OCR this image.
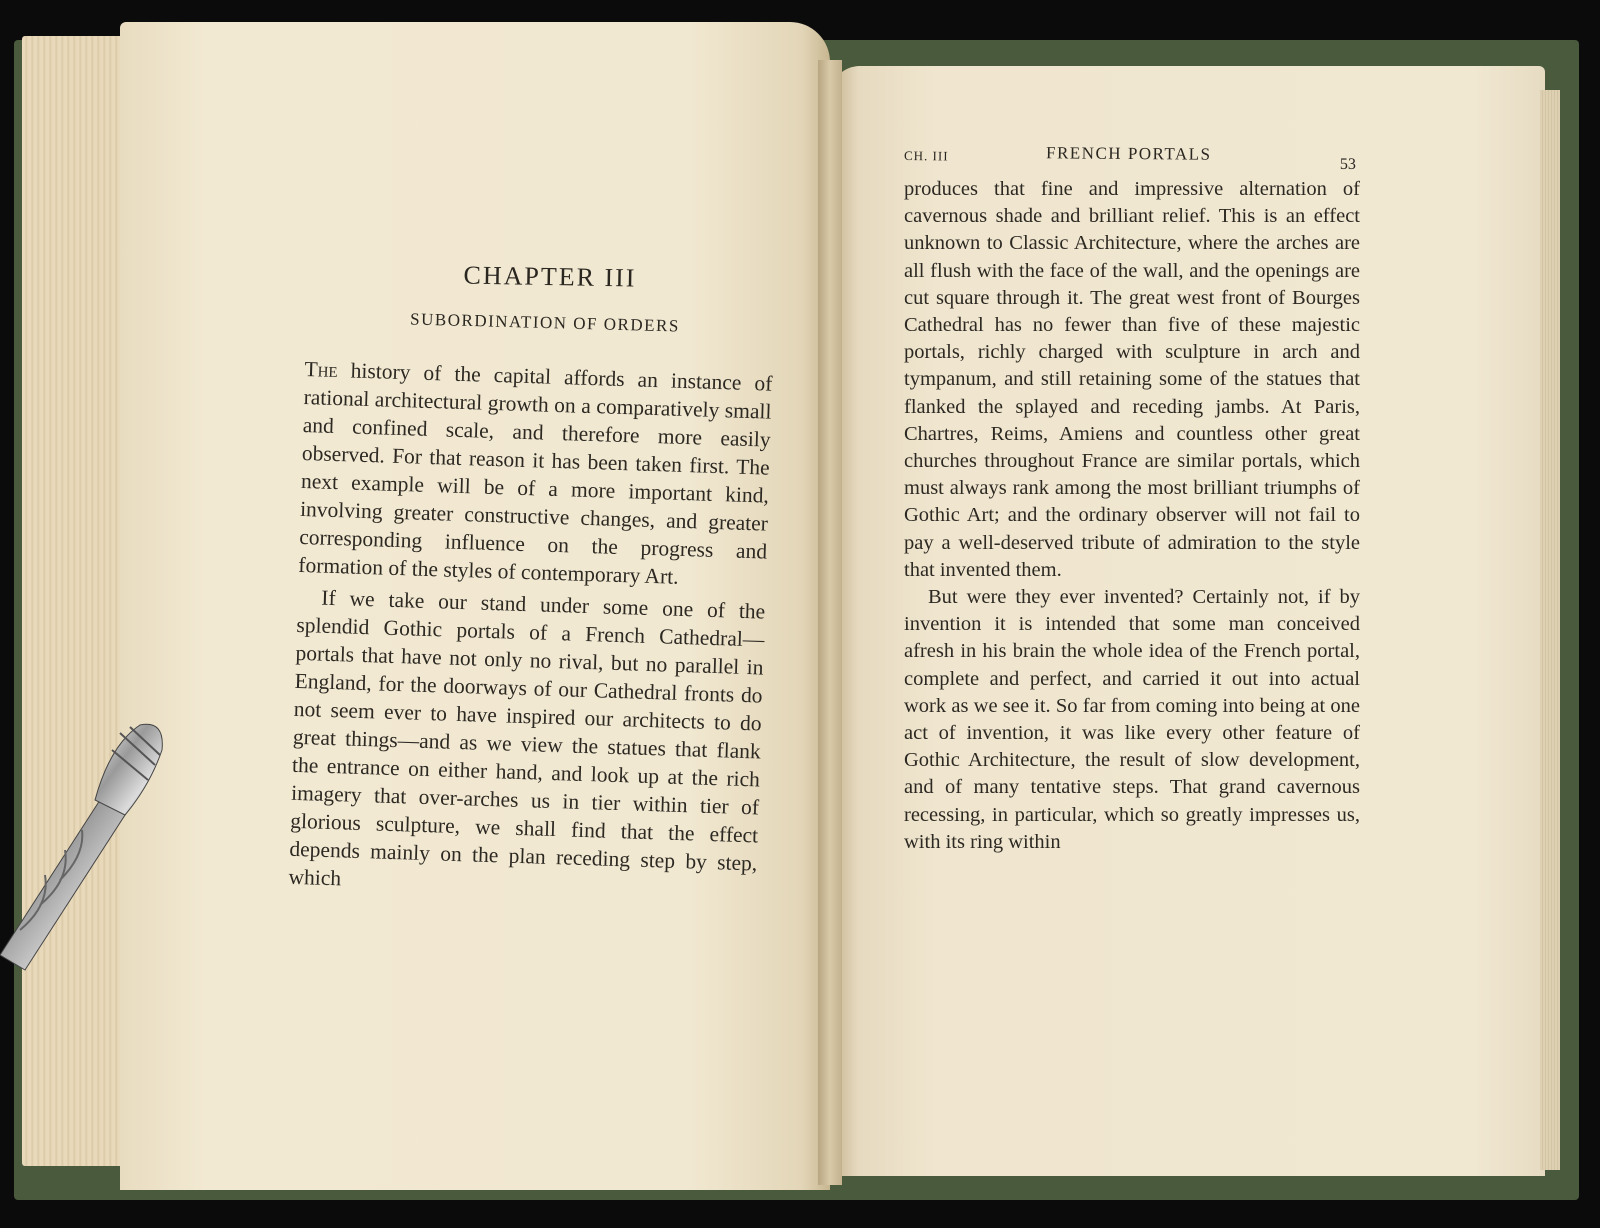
CHAPTER III
SUBORDINATION OF ORDERS

The history of the capital affords an instance of rational architectural growth on a comparatively small and confined scale, and therefore more easily observed. For that reason it has been taken first. The next example will be of a more important kind, involving greater constructive changes, and greater corresponding influence on the progress and formation of the styles of contemporary Art.

If we take our stand under some one of the splendid Gothic portals of a French Cathedral—portals that have not only no rival, but no parallel in England, for the doorways of our Cathedral fronts do not seem ever to have inspired our architects to do great things—and as we view the statues that flank the entrance on either hand, and look up at the rich imagery that over-arches us in tier within tier of glorious sculpture, we shall find that the effect depends mainly on the plan receding step by step, which

CH. III	FRENCH PORTALS
53

produces that fine and impressive alternation of cavernous shade and brilliant relief. This is an effect unknown to Classic Architecture, where the arches are all flush with the face of the wall, and the openings are cut square through it. The great west front of Bourges Cathedral has no fewer than five of these majestic portals, richly charged with sculpture in arch and tympanum, and still retaining some of the statues that flanked the splayed and receding jambs. At Paris, Chartres, Reims, Amiens and countless other great churches throughout France are similar portals, which must always rank among the most brilliant triumphs of Gothic Art; and the ordinary observer will not fail to pay a well-deserved tribute of admiration to the style that invented them.

But were they ever invented? Certainly not, if by invention it is intended that some man conceived afresh in his brain the whole idea of the French portal, complete and perfect, and carried it out into actual work as we see it. So far from coming into being at one act of invention, it was like every other feature of Gothic Architecture, the result of slow development, and of many tentative steps. That grand cavernous recessing, in particular, which so greatly impresses us, with its ring within
